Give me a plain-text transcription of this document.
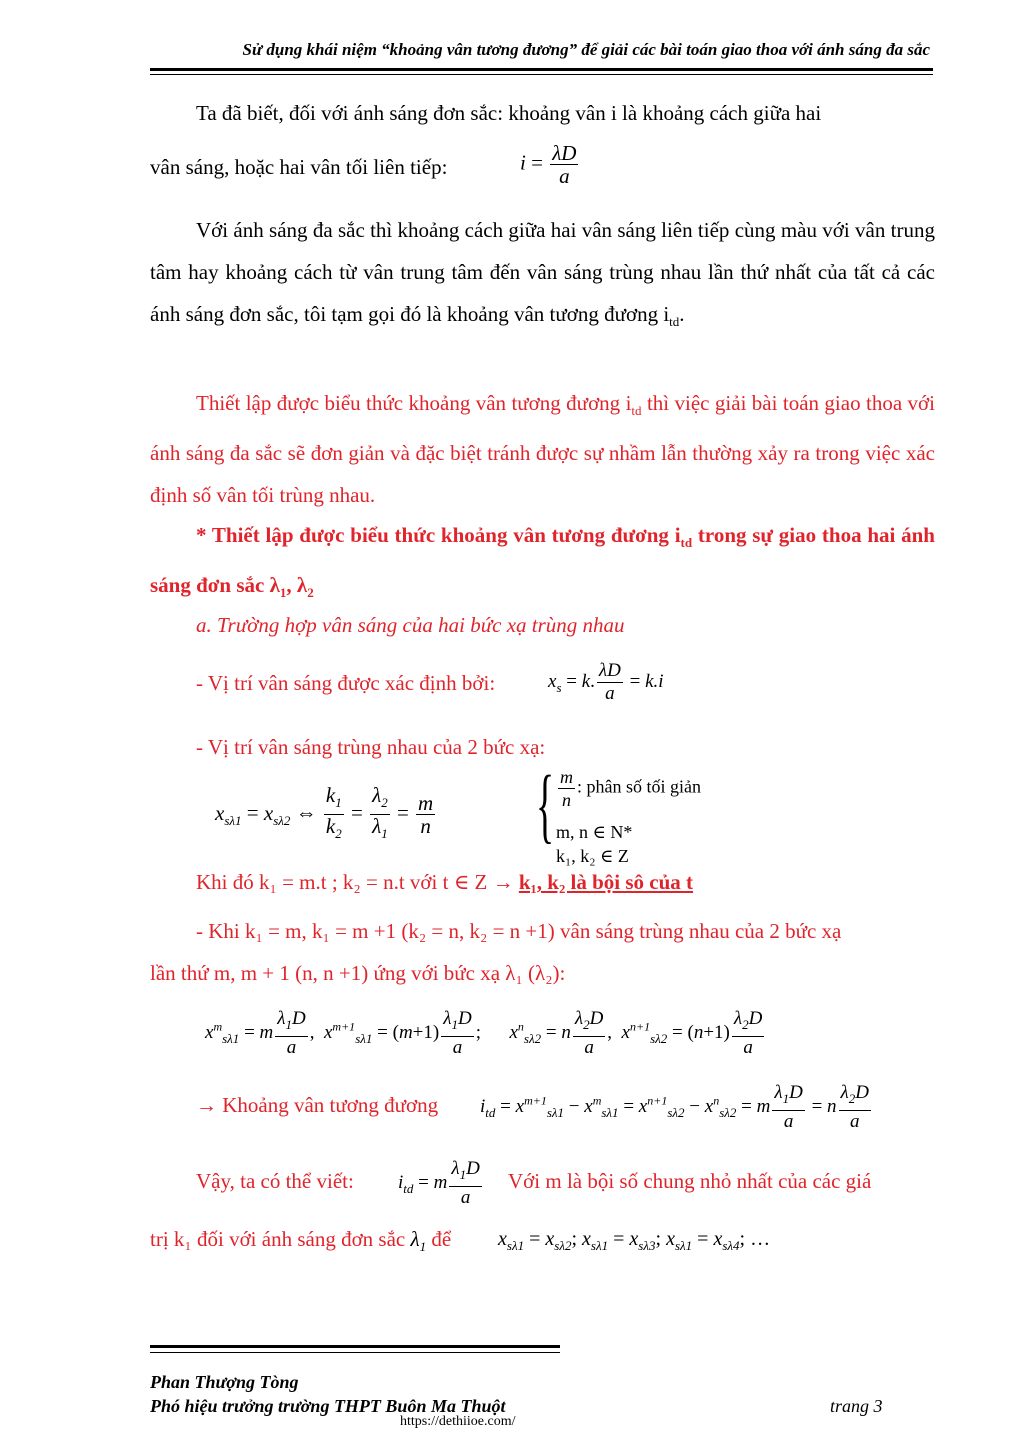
Sử dụng khái niệm “khoảng vân tương đương” để giải các bài toán giao thoa với ánh sáng đa sắc
Ta đã biết, đối với ánh sáng đơn sắc: khoảng vân i là khoảng cách giữa hai
vân sáng, hoặc hai vân tối liên tiếp:	$i = \frac{\lambda D}{a}$
Với ánh sáng đa sắc thì khoảng cách giữa hai vân sáng liên tiếp cùng màu với vân trung tâm hay khoảng cách từ vân trung tâm đến vân sáng trùng nhau lần thứ nhất của tất cả các ánh sáng đơn sắc, tôi tạm gọi đó là khoảng vân tương đương $i_{td}$.
Thiết lập được biểu thức khoảng vân tương đương $i_{td}$ thì việc giải bài toán giao thoa với ánh sáng đa sắc sẽ đơn giản và đặc biệt tránh được sự nhầm lẫn thường xảy ra trong việc xác định số vân tối trùng nhau.
* Thiết lập được biểu thức khoảng vân tương đương $i_{td}$ trong sự giao thoa hai ánh sáng đơn sắc $\lambda_1$, $\lambda_2$
a. Trường hợp vân sáng của hai bức xạ trùng nhau
- Vị trí vân sáng được xác định bởi:	$x_s = k$. $\frac{\lambda D}{a} = k.i$
- Vị trí vân sáng trùng nhau của 2 bức xạ:
$x_{s\lambda 1} = x_{s\lambda 2}$ ⇔ $\frac{k_1}{k_2} = \frac{\lambda_2}{\lambda_1} = \frac{m}{n}$ { $\frac{m}{n}$ : phân số tối giản
m, n ∈ N*
k₁, k₂ ∈ Z
Khi đó k₁ = m.t ; k₂ = n.t với t ∈ Z → k₁, k₂ là bội sô của t
- Khi k₁ = m, k₁ = m +1 (k₂ = n, k₂ = n +1) vân sáng trùng nhau của 2 bức xạ
lần thứ m, m + 1 (n, n +1) ứng với bức xạ λ₁ (λ₂):
$x^m_{s\lambda 1} = m \frac{\lambda_1D}{a}$ ,  $x^{m+1}_{s\lambda 1} = (m+1) \frac{\lambda_1D}{a}$ ;      $x^n_{s\lambda 2} = n \frac{\lambda_2D}{a}$ ,  $x^{n+1}_{s\lambda 2} = (n+1) \frac{\lambda_2D}{a}$
→ Khoảng vân tương đương $i_{td} = x^{m+1}_{s\lambda 1} - x^m_{s\lambda 1} = x^{n+1}_{s\lambda 2} - x^n_{s\lambda 2} = m \frac{\lambda_1D}{a} = n \frac{\lambda_2D}{a}$
Vậy, ta có thể viết: $i_{td} = m \frac{\lambda_1D}{a}$ Với m là bội số chung nhỏ nhất của các giá
trị k₁ đối với ánh sáng đơn sắc $\lambda_1$ để $x_{s\lambda 1} = x_{s\lambda 2}$; $x_{s\lambda 1} = x_{s\lambda 3}$; $x_{s\lambda 1} = x_{s\lambda 4}$; …
Phan Thượng Tòng
Phó hiệu trưởng trường THPT Buôn Ma Thuột	trang 3
https://dethiioe.com/
